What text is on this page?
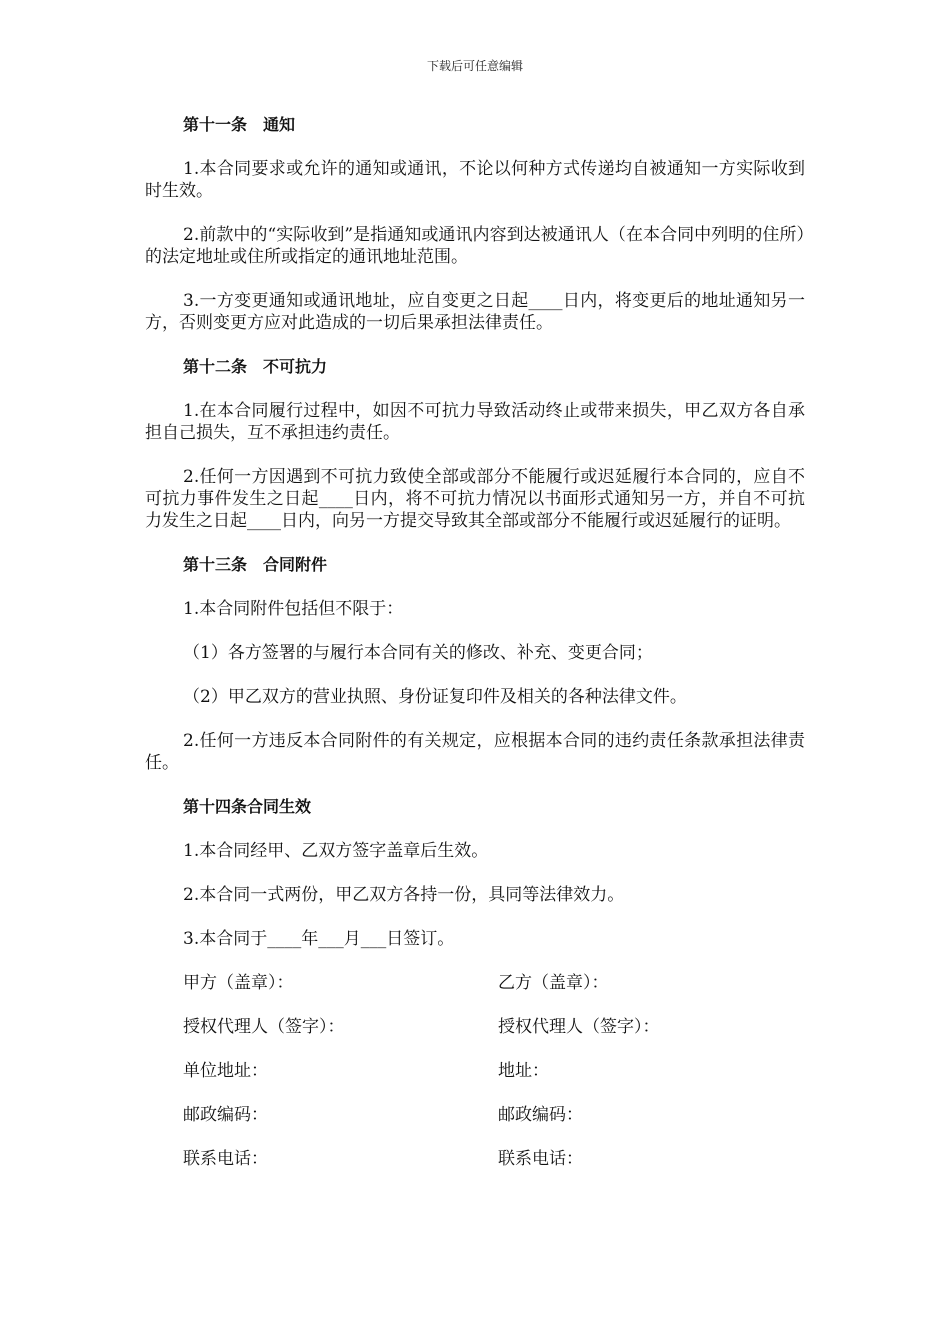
下载后可任意编辑

第十一条　通知

1.本合同要求或允许的通知或通讯，不论以何种方式传递均自被通知一方实际收到时生效。

2.前款中的“实际收到”是指通知或通讯内容到达被通讯人（在本合同中列明的住所）的法定地址或住所或指定的通讯地址范围。

3.一方变更通知或通讯地址，应自变更之日起____日内，将变更后的地址通知另一方，否则变更方应对此造成的一切后果承担法律责任。

第十二条　不可抗力

1.在本合同履行过程中，如因不可抗力导致活动终止或带来损失，甲乙双方各自承担自己损失，互不承担违约责任。

2.任何一方因遇到不可抗力致使全部或部分不能履行或迟延履行本合同的，应自不可抗力事件发生之日起____日内，将不可抗力情况以书面形式通知另一方，并自不可抗力发生之日起____日内，向另一方提交导致其全部或部分不能履行或迟延履行的证明。

第十三条　合同附件

1.本合同附件包括但不限于：

（1）各方签署的与履行本合同有关的修改、补充、变更合同；

（2）甲乙双方的营业执照、身份证复印件及相关的各种法律文件。

2.任何一方违反本合同附件的有关规定，应根据本合同的违约责任条款承担法律责任。

第十四条合同生效

1.本合同经甲、乙双方签字盖章后生效。

2.本合同一式两份，甲乙双方各持一份，具同等法律效力。

3.本合同于____年___月___日签订。

甲方（盖章）：	乙方（盖章）：
授权代理人（签字）：	授权代理人（签字）：
单位地址：	地址：
邮政编码：	邮政编码：
联系电话：	联系电话：
